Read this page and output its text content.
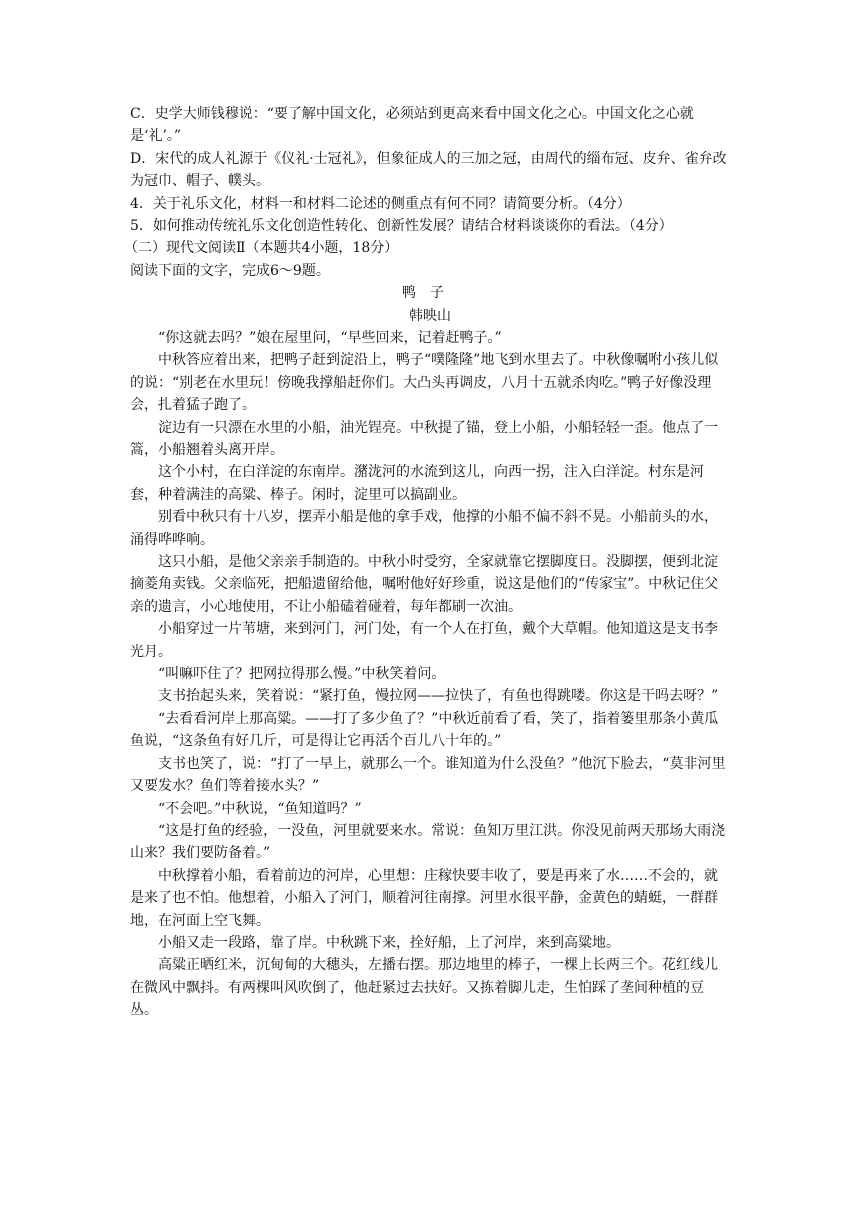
C．史学大师钱穆说：“要了解中国文化，必须站到更高来看中国文化之心。中国文化之心就是‘礼’。”

D．宋代的成人礼源于《仪礼·士冠礼》，但象征成人的三加之冠，由周代的缁布冠、皮弁、雀弁改为冠巾、帽子、幞头。

4．关于礼乐文化，材料一和材料二论述的侧重点有何不同？请简要分析。（4分）

5．如何推动传统礼乐文化创造性转化、创新性发展？请结合材料谈谈你的看法。（4分）

（二）现代文阅读Ⅱ（本题共4小题，18分）

阅读下面的文字，完成6～9题。

鸭子

韩映山

“你这就去吗？”娘在屋里问，“早些回来，记着赶鸭子。”

中秋答应着出来，把鸭子赶到淀沿上，鸭子“噗隆隆”地飞到水里去了。中秋像嘱咐小孩儿似的说：“别老在水里玩！傍晚我撑船赶你们。大凸头再调皮，八月十五就杀肉吃。”鸭子好像没理会，扎着猛子跑了。

淀边有一只漂在水里的小船，油光锃亮。中秋提了锚，登上小船，小船轻轻一歪。他点了一篙，小船翘着头离开岸。

这个小村，在白洋淀的东南岸。潴泷河的水流到这儿，向西一拐，注入白洋淀。村东是河套，种着满洼的高粱、棒子。闲时，淀里可以搞副业。

别看中秋只有十八岁，摆弄小船是他的拿手戏，他撑的小船不偏不斜不晃。小船前头的水，涌得哗哗响。

这只小船，是他父亲亲手制造的。中秋小时受穷，全家就靠它摆脚度日。没脚摆，便到北淀摘菱角卖钱。父亲临死，把船遗留给他，嘱咐他好好珍重，说这是他们的“传家宝”。中秋记住父亲的遗言，小心地使用，不让小船磕着碰着，每年都刷一次油。

小船穿过一片苇塘，来到河门，河门处，有一个人在打鱼，戴个大草帽。他知道这是支书李光月。

“叫嘛吓住了？把网拉得那么慢。”中秋笑着问。

支书抬起头来，笑着说：“紧打鱼，慢拉网——拉快了，有鱼也得跳喽。你这是干吗去呀？”

“去看看河岸上那高粱。——打了多少鱼了？”中秋近前看了看，笑了，指着篓里那条小黄瓜鱼说，“这条鱼有好几斤，可是得让它再活个百儿八十年的。”

支书也笑了，说：“打了一早上，就那么一个。谁知道为什么没鱼？”他沉下脸去，“莫非河里又要发水？鱼们等着接水头？”

“不会吧。”中秋说，“鱼知道吗？”

“这是打鱼的经验，一没鱼，河里就要来水。常说：鱼知万里江洪。你没见前两天那场大雨浇山来？我们要防备着。”

中秋撑着小船，看着前边的河岸，心里想：庄稼快要丰收了，要是再来了水……不会的，就是来了也不怕。他想着，小船入了河门，顺着河往南撑。河里水很平静，金黄色的蜻蜓，一群群地，在河面上空飞舞。

小船又走一段路，靠了岸。中秋跳下来，拴好船，上了河岸，来到高粱地。

高粱正晒红米，沉甸甸的大穗头，左播右摆。那边地里的棒子，一棵上长两三个。花红线儿在微风中飘抖。有两棵叫风吹倒了，他赶紧过去扶好。又拣着脚儿走，生怕踩了垄间种植的豆丛。
